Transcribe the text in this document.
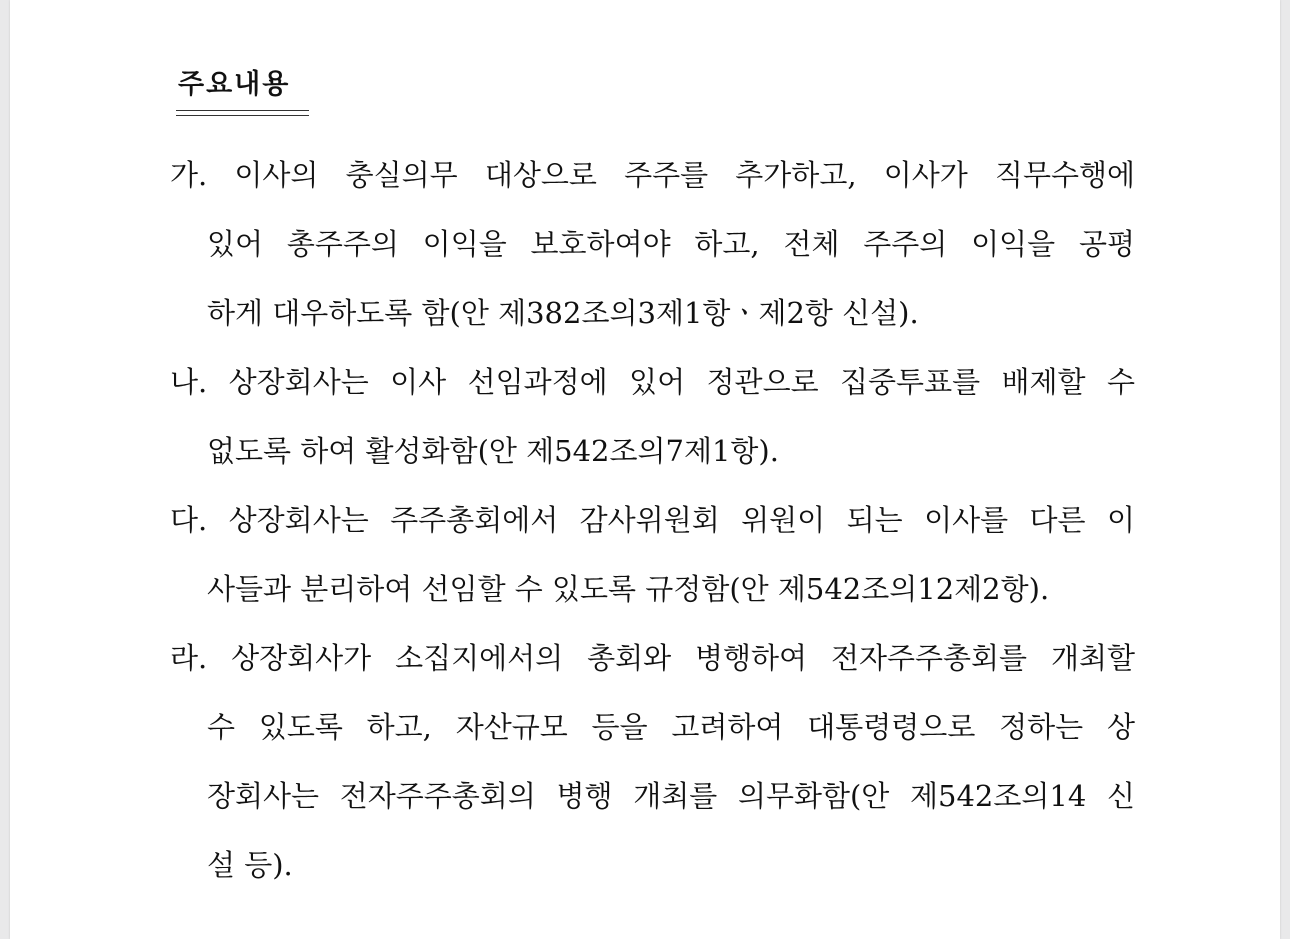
주요내용
가. 이사의 충실의무 대상으로 주주를 추가하고, 이사가 직무수행에
있어 총주주의 이익을 보호하여야 하고, 전체 주주의 이익을 공평
하게 대우하도록 함(안 제382조의3제1항ㆍ제2항 신설).
나. 상장회사는 이사 선임과정에 있어 정관으로 집중투표를 배제할 수
없도록 하여 활성화함(안 제542조의7제1항).
다. 상장회사는 주주총회에서 감사위원회 위원이 되는 이사를 다른 이
사들과 분리하여 선임할 수 있도록 규정함(안 제542조의12제2항).
라. 상장회사가 소집지에서의 총회와 병행하여 전자주주총회를 개최할
수 있도록 하고, 자산규모 등을 고려하여 대통령령으로 정하는 상
장회사는 전자주주총회의 병행 개최를 의무화함(안 제542조의14 신
설 등).
